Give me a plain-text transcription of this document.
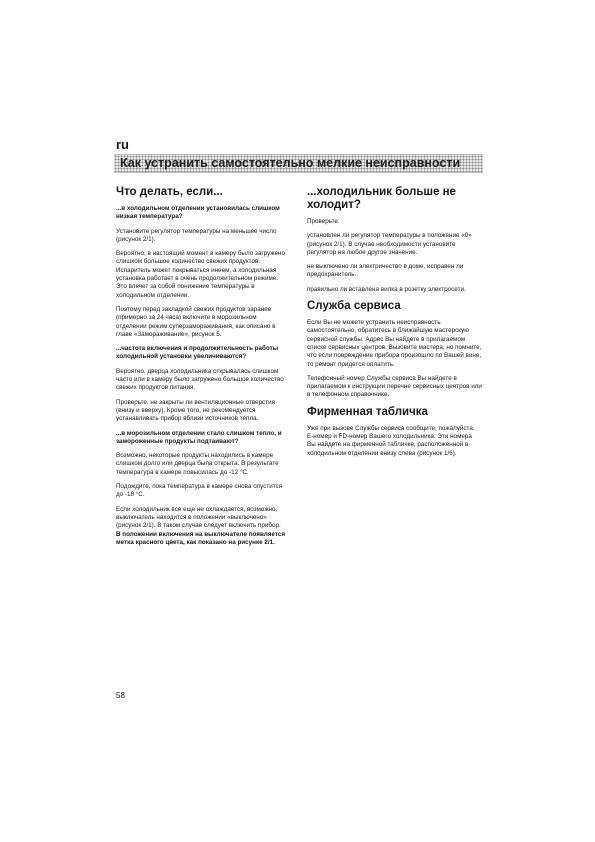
ru
Как устранить самостоятельно мелкие неисправности
Что делать, если...

...в холодильном отделении установилась слишком низкая температура?

Установите регулятор температуры на меньшее число (рисунок 2/1).

Вероятно, в настоящий момент в камеру было загружено слишком большое количество свежих продуктов. Испаритель может покрываться инеем, а холодильная установка работает в очень продолжительном режиме. Это влечет за собой понижение температуры в холодильном отделении.

Поэтому перед закладкой свежих продуктов заранее (примерно за 24 часа) включите в морозильном отделении режим суперзамораживания, как описано в главе «Замораживание», рисунок 5.

...частота включения и продолжительность работы холодильной установки увеличиваются?

Вероятно, дверца холодильника открывалась слишком часто или в камеру было загружено большое количество свежих продуктов питания.

Проверьте, не закрыты ли вентиляционные отверстия (внизу и вверху). Кроме того, не рекомендуется устанавливать прибор вблизи источников тепла.

...в морозильном отделении стало слишком тепло, и замороженные продукты подтаивают?

Возможно, некоторые продукты находились в камере слишком долго или дверца была открыта. В результате температура в камере повысилась до -12 °С.

Подождите, пока температура в камере снова опустится до -18 °С.

Если холодильник все еще не охлаждается, возможно, выключатель находится в положении «выключено» (рисунок 2/1). В таком случае следует включить прибор. В положении включения на выключателе появляется метка красного цвета, как показано на рисунке 2/1.

...холодильник больше не холодит?

Проверьте:

установлен ли регулятор температуры в положение «0» (рисунок 2/1). В случае необходимости установите регулятор на любое другое значение.

не выключено ли электричество в доме, исправен ли предохранитель.

правильно ли вставлена вилка в розетку электросети.

Служба сервиса

Если Вы не можете устранить неисправность самостоятельно, обратитесь в ближайшую мастерскую сервисной службы. Адрес Вы найдете в прилагаемом списке сервисных центров. Вызовите мастера, но помните, что если повреждение прибора произошло по Вашей вине, то ремонт придется оплатить.

Телефонный номер Службы сервиса Вы найдете в прилагаемом к инструкции перечне сервисных центров или в телефонном справочнике.

Фирменная табличка

Уже при вызове Службы сервиса сообщите, пожалуйста, Е-номер и FD-номер Вашего холодильника. Эти номера Вы найдете на фирменной табличке, расположенной в холодильном отделении внизу слева (рисунок 1/6).

58
